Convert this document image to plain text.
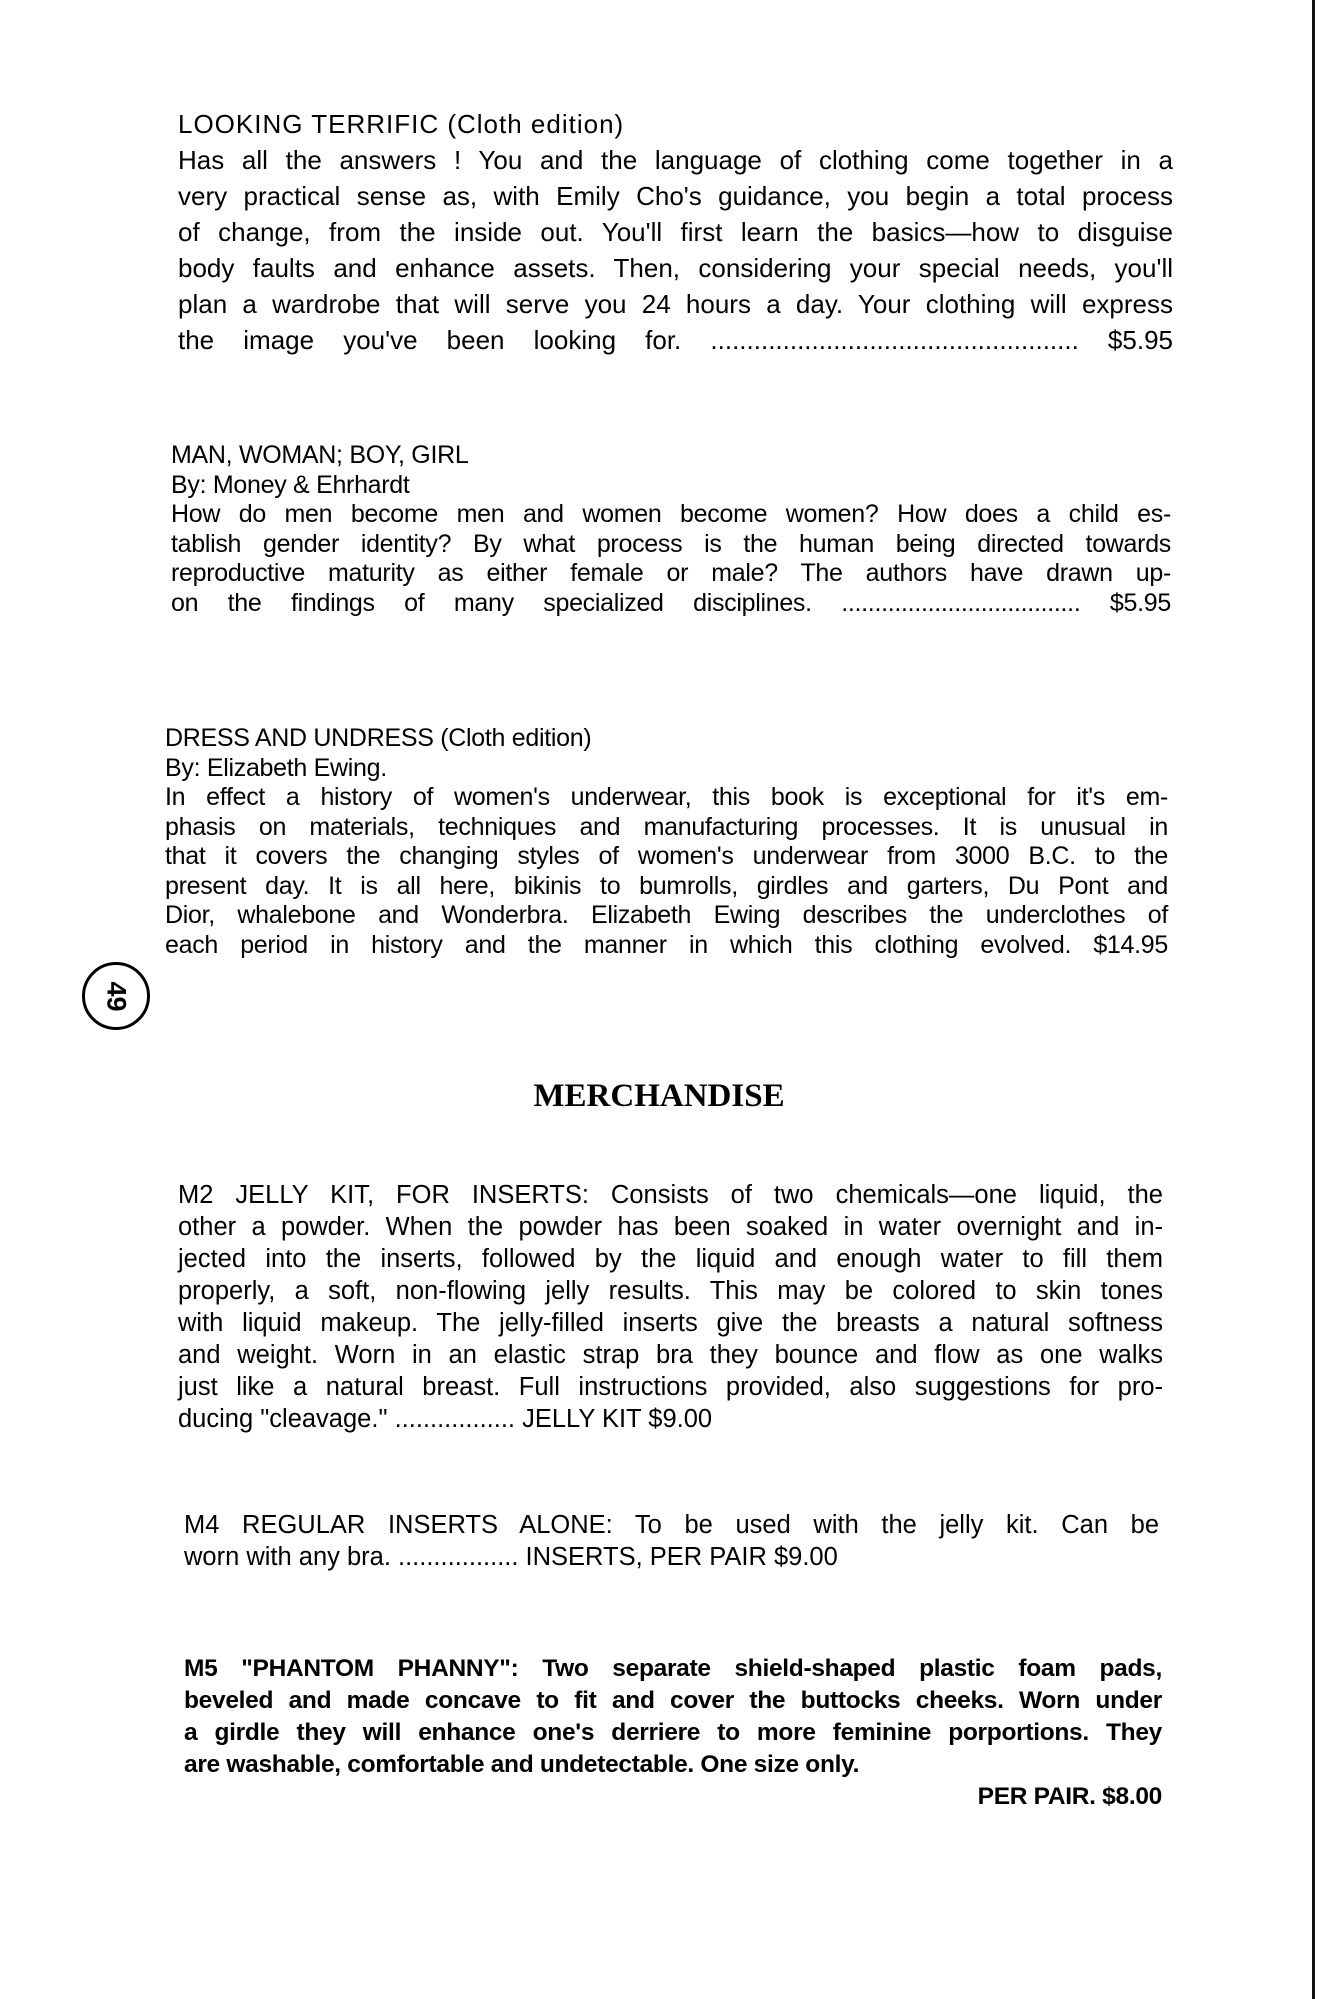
LOOKING TERRIFIC (Cloth edition)
Has all the answers ! You and the language of clothing come together in a
very practical sense as, with Emily Cho's guidance, you begin a total process
of change, from the inside out. You'll first learn the basics—how to disguise
body faults and enhance assets. Then, considering your special needs, you'll
plan a wardrobe that will serve you 24 hours a day. Your clothing will express
the image you've been looking for. ................................................... $5.95
MAN, WOMAN; BOY, GIRL
By: Money & Ehrhardt
How do men become men and women become women? How does a child es-
tablish gender identity? By what process is the human being directed towards
reproductive maturity as either female or male? The authors have drawn up-
on the findings of many specialized disciplines. .................................... $5.95
DRESS AND UNDRESS (Cloth edition)
By: Elizabeth Ewing.
In effect a history of women's underwear, this book is exceptional for it's em-
phasis on materials, techniques and manufacturing processes. It is unusual in
that it covers the changing styles of women's underwear from 3000 B.C. to the
present day. It is all here, bikinis to bumrolls, girdles and garters, Du Pont and
Dior, whalebone and Wonderbra. Elizabeth Ewing describes the underclothes of
each period in history and the manner in which this clothing evolved. $14.95
49
MERCHANDISE
M2 JELLY KIT, FOR INSERTS: Consists of two chemicals—one liquid, the
other a powder. When the powder has been soaked in water overnight and in-
jected into the inserts, followed by the liquid and enough water to fill them
properly, a soft, non-flowing jelly results. This may be colored to skin tones
with liquid makeup. The jelly-filled inserts give the breasts a natural softness
and weight. Worn in an elastic strap bra they bounce and flow as one walks
just like a natural breast. Full instructions provided, also suggestions for pro-
ducing "cleavage." ................. JELLY KIT $9.00
M4 REGULAR INSERTS ALONE: To be used with the jelly kit. Can be
worn with any bra. ................. INSERTS, PER PAIR $9.00
M5 "PHANTOM PHANNY": Two separate shield-shaped plastic foam pads,
beveled and made concave to fit and cover the buttocks cheeks. Worn under
a girdle they will enhance one's derriere to more feminine porportions. They
are washable, comfortable and undetectable. One size only.
PER PAIR. $8.00
